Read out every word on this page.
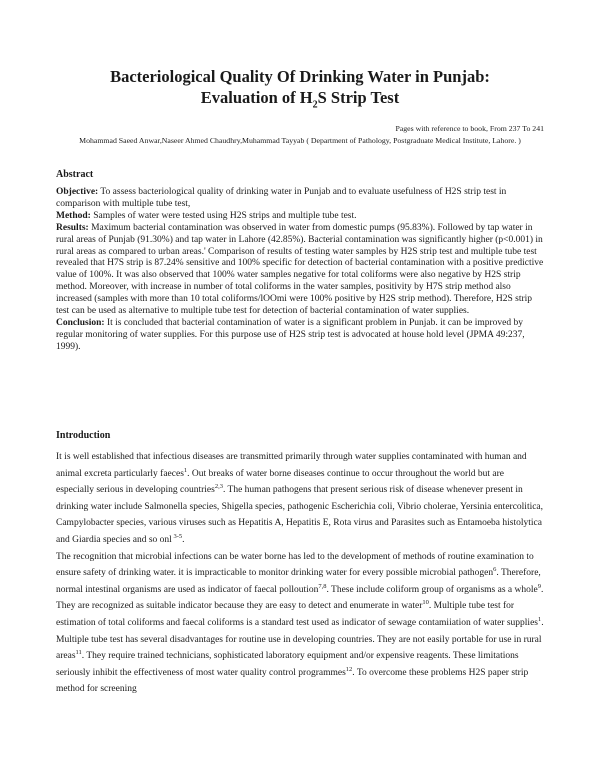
Bacteriological Quality Of Drinking Water in Punjab:
Evaluation of $H_2S$ Strip Test
Pages with reference to book, From 237 To 241
Mohammad Saeed Anwar,Naseer Ahmed Chaudhry,Muhammad Tayyab ( Department of Pathology, Postgraduate Medical Institute, Lahore. )
Abstract

Objective: To assess bacteriological quality of drinking water in Punjab and to evaluate usefulness of H2S strip test in comparison with multiple tube test,

Method: Samples of water were tested using H2S strips and multiple tube test.

Results: Maximum bacterial contamination was observed in water from domestic pumps (95.83%). Followed by tap water in rural areas of Punjab (91.30%) and tap water in Lahore (42.85%). Bacterial contamination was significantly higher (p<0.001) in rural areas as compared to urban areas.' Comparison of results of testing water samples by H2S strip test and multiple tube test revealed that H7S strip is 87.24% sensitive and 100% specific for detection of bacterial contamination with a positive predictive value of 100%. It was also observed that 100% water samples negative for total coliforms were also negative by H2S strip method. Moreover, with increase in number of total coliforms in the water samples, positivity by H7S strip method also increased (samples with more than 10 total coliforms/lOOmi were 100% positive by H2S strip method). Therefore, H2S strip test can be used as alternative to multiple tube test for detection of bacterial contamination of water supplies.

Conclusion: It is concluded that bacterial contamination of water is a significant problem in Punjab. it can be improved by regular monitoring of water supplies. For this purpose use of H2S strip test is advocated at house hold level (JPMA 49:237, 1999).

Introduction

It is well established that infectious diseases are transmitted primarily through water supplies contaminated with human and animal excreta particularly faeces$^1$. Out breaks of water borne diseases continue to occur throughout the world but are especially serious in developing countries$^{2,3}$. The human pathogens that present serious risk of disease whenever present in drinking water include Salmonella species, Shigella species, pathogenic Escherichia coli, Vibrio cholerae, Yersinia entercolitica, Campylobacter species, various viruses such as Hepatitis A, Hepatitis E, Rota virus and Parasites such as Entamoeba histolytica and Giardia species and so onl $^{3-5}$.

The recognition that microbial infections can be water borne has led to the development of methods of routine examination to ensure safety of drinking water. it is impracticable to monitor drinking water for every possible microbial pathogen$^6$. Therefore, normal intestinal organisms are used as indicator of faecal polloution$^{7,8}$. These include coliform group of organisms as a whole$^9$. They are recognized as suitable indicator because they are easy to detect and enumerate in water$^{10}$. Multiple tube test for estimation of total coliforms and faecal coliforms is a standard test used as indicator of sewage contamiiation of water supplies$^1$.

Multiple tube test has several disadvantages for routine use in developing countries. They are not easily portable for use in rural areas$^{11}$. They require trained technicians, sophisticated laboratory equipment and/or expensive reagents. These limitations seriously inhibit the effectiveness of most water quality control programmes$^{12}$. To overcome these problems H2S paper strip method for screening
